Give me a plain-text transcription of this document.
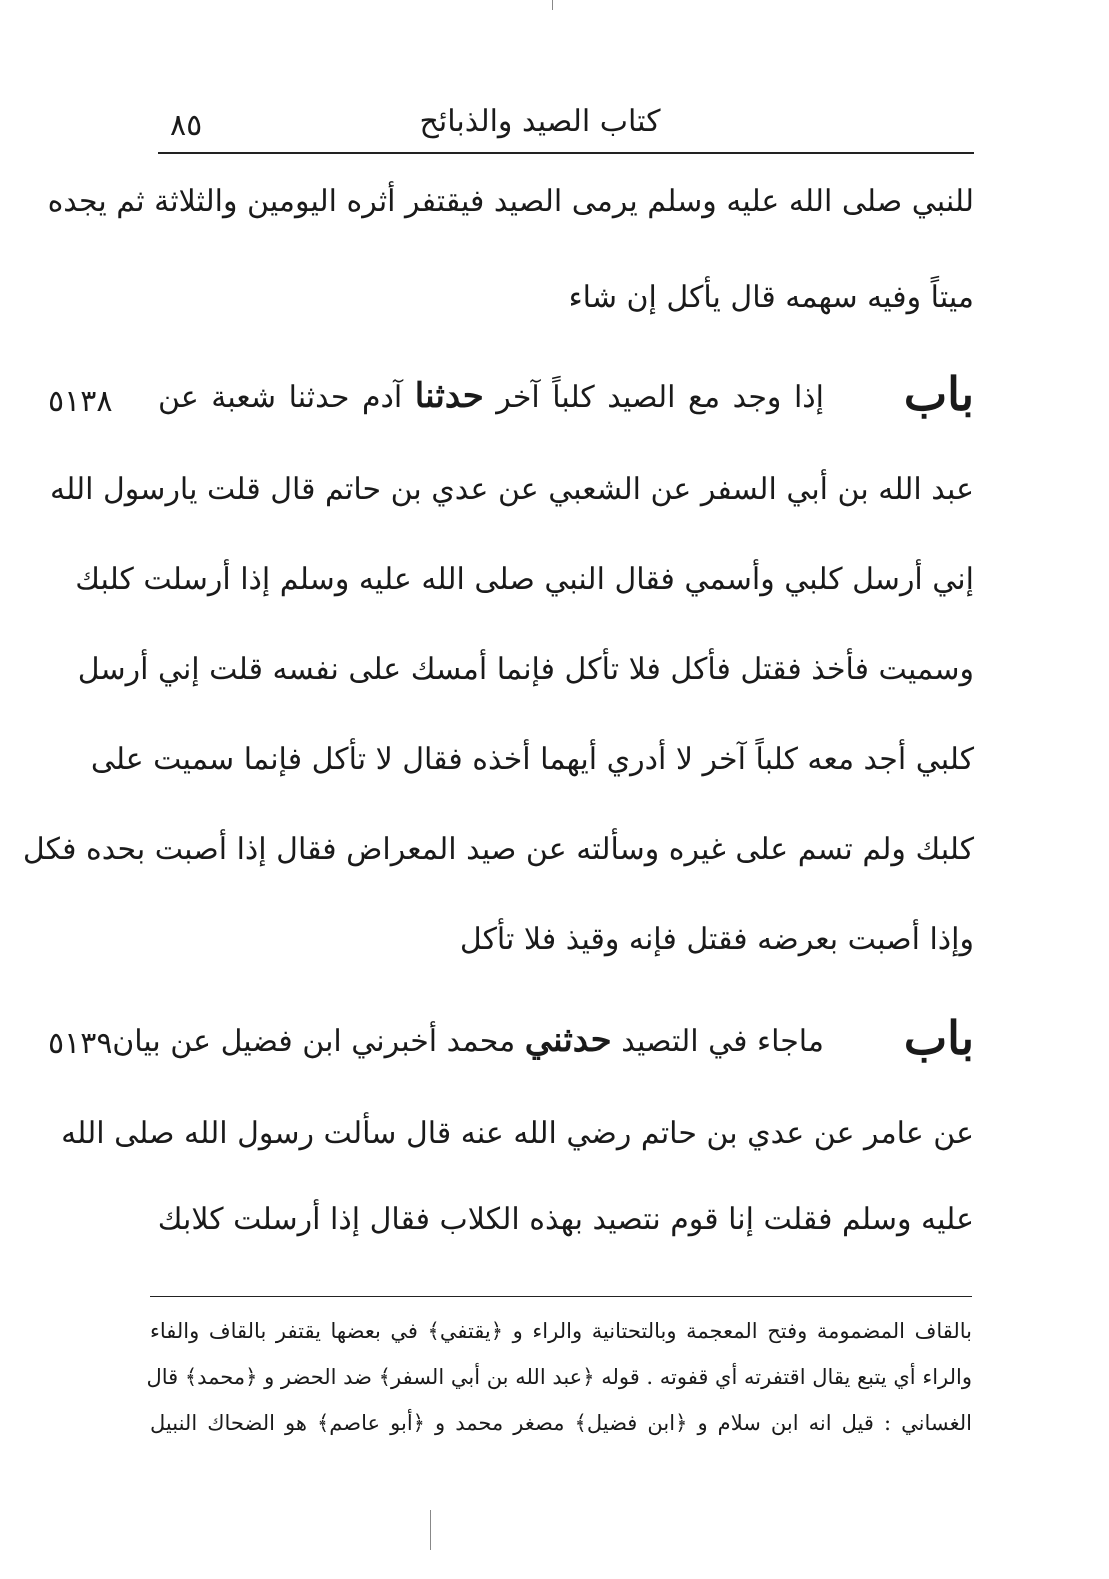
٨٥	كتاب الصيد والذبائح
للنبي صلى الله عليه وسلم يرمى الصيد فيقتفر أثره اليومين والثلاثة ثم يجده
ميتاً وفيه سهمه قال يأكل إن شاء
باب
إذا وجد مع الصيد كلباً آخر حدثنا آدم حدثنا شعبة عن
٥١٣٨
عبد الله بن أبي السفر عن الشعبي عن عدي بن حاتم قال قلت يارسول الله
إني أرسل كلبي وأسمي فقال النبي صلى الله عليه وسلم إذا أرسلت كلبك
وسميت فأخذ فقتل فأكل فلا تأكل فإنما أمسك على نفسه قلت إني أرسل
كلبي أجد معه كلباً آخر لا أدري أيهما أخذه فقال لا تأكل فإنما سميت على
كلبك ولم تسم على غيره وسألته عن صيد المعراض فقال إذا أصبت بحده فكل
وإذا أصبت بعرضه فقتل فإنه وقيذ فلا تأكل
باب
ماجاء في التصيد حدثني محمد أخبرني ابن فضيل عن بيان
٥١٣٩
عن عامر عن عدي بن حاتم رضي الله عنه قال سألت رسول الله صلى الله
عليه وسلم فقلت إنا قوم نتصيد بهذه الكلاب فقال إذا أرسلت كلابك
بالقاف المضمومة وفتح المعجمة وبالتحتانية والراء و ﴿يقتفي﴾ في بعضها يقتفر بالقاف والفاء
والراء أي يتبع يقال اقتفرته أي قفوته . قوله ﴿عبد الله بن أبي السفر﴾ ضد الحضر و ﴿محمد﴾ قال
الغساني : قيل انه ابن سلام و ﴿ابن فضيل﴾ مصغر محمد و ﴿أبو عاصم﴾ هو الضحاك النبيل
